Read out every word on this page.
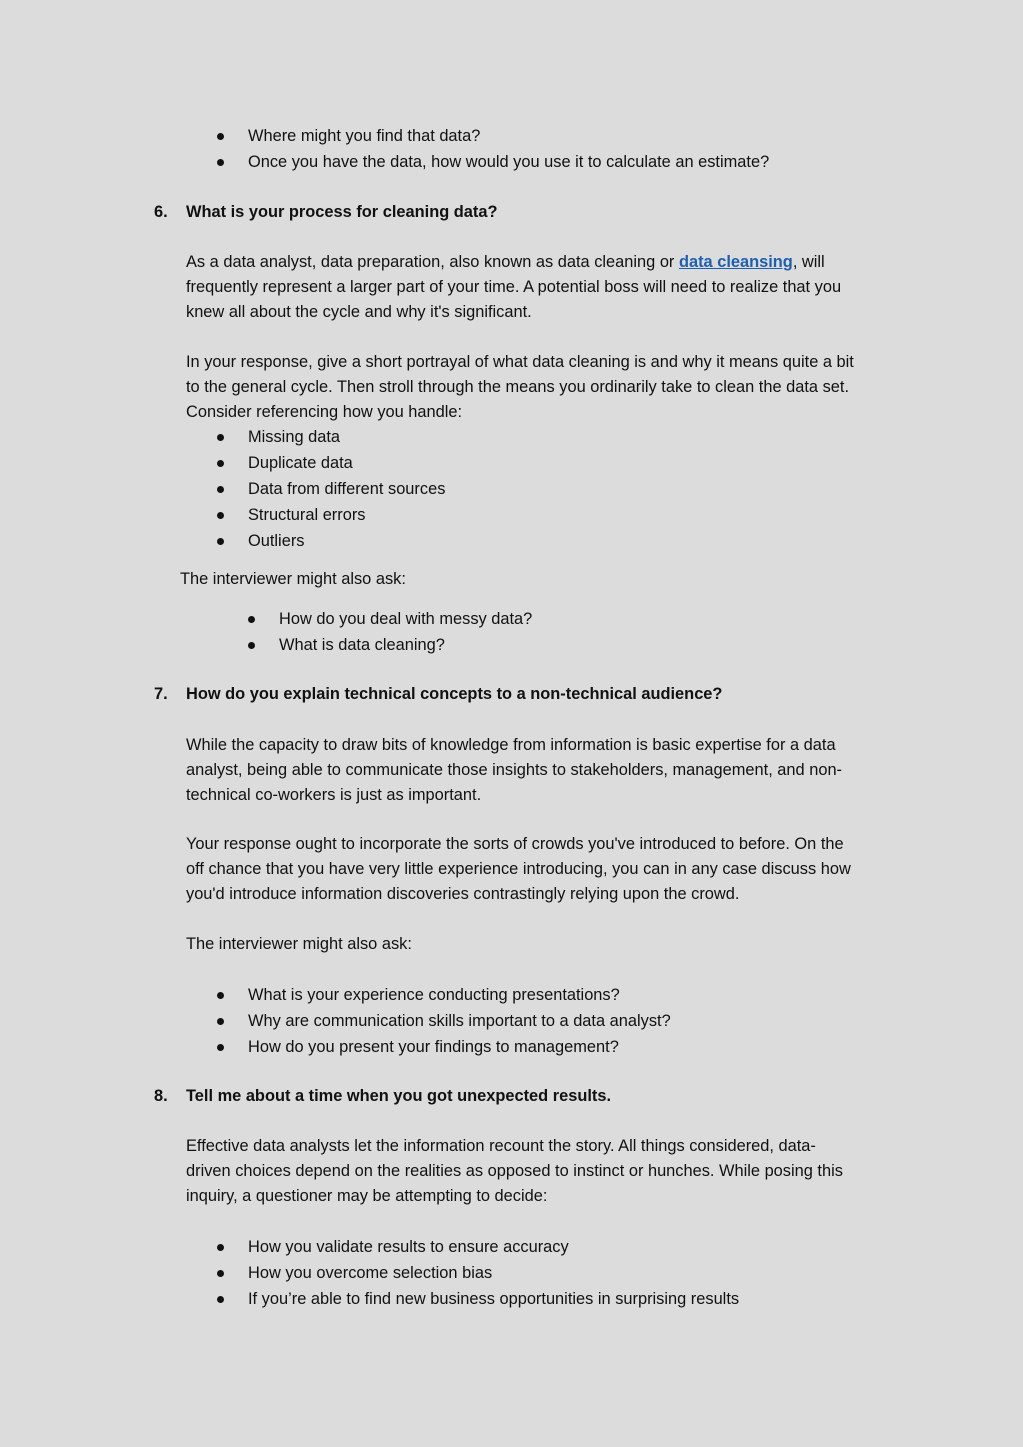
Where might you find that data?
Once you have the data, how would you use it to calculate an estimate?
6. What is your process for cleaning data?
As a data analyst, data preparation, also known as data cleaning or data cleansing, will
frequently represent a larger part of your time. A potential boss will need to realize that you
knew all about the cycle and why it's significant.
In your response, give a short portrayal of what data cleaning is and why it means quite a bit
to the general cycle. Then stroll through the means you ordinarily take to clean the data set.
Consider referencing how you handle:
Missing data
Duplicate data
Data from different sources
Structural errors
Outliers
The interviewer might also ask:
How do you deal with messy data?
What is data cleaning?
7. How do you explain technical concepts to a non-technical audience?
While the capacity to draw bits of knowledge from information is basic expertise for a data
analyst, being able to communicate those insights to stakeholders, management, and non-
technical co-workers is just as important.
Your response ought to incorporate the sorts of crowds you've introduced to before. On the
off chance that you have very little experience introducing, you can in any case discuss how
you'd introduce information discoveries contrastingly relying upon the crowd.
The interviewer might also ask:
What is your experience conducting presentations?
Why are communication skills important to a data analyst?
How do you present your findings to management?
8. Tell me about a time when you got unexpected results.
Effective data analysts let the information recount the story. All things considered, data-
driven choices depend on the realities as opposed to instinct or hunches. While posing this
inquiry, a questioner may be attempting to decide:
How you validate results to ensure accuracy
How you overcome selection bias
If you’re able to find new business opportunities in surprising results
